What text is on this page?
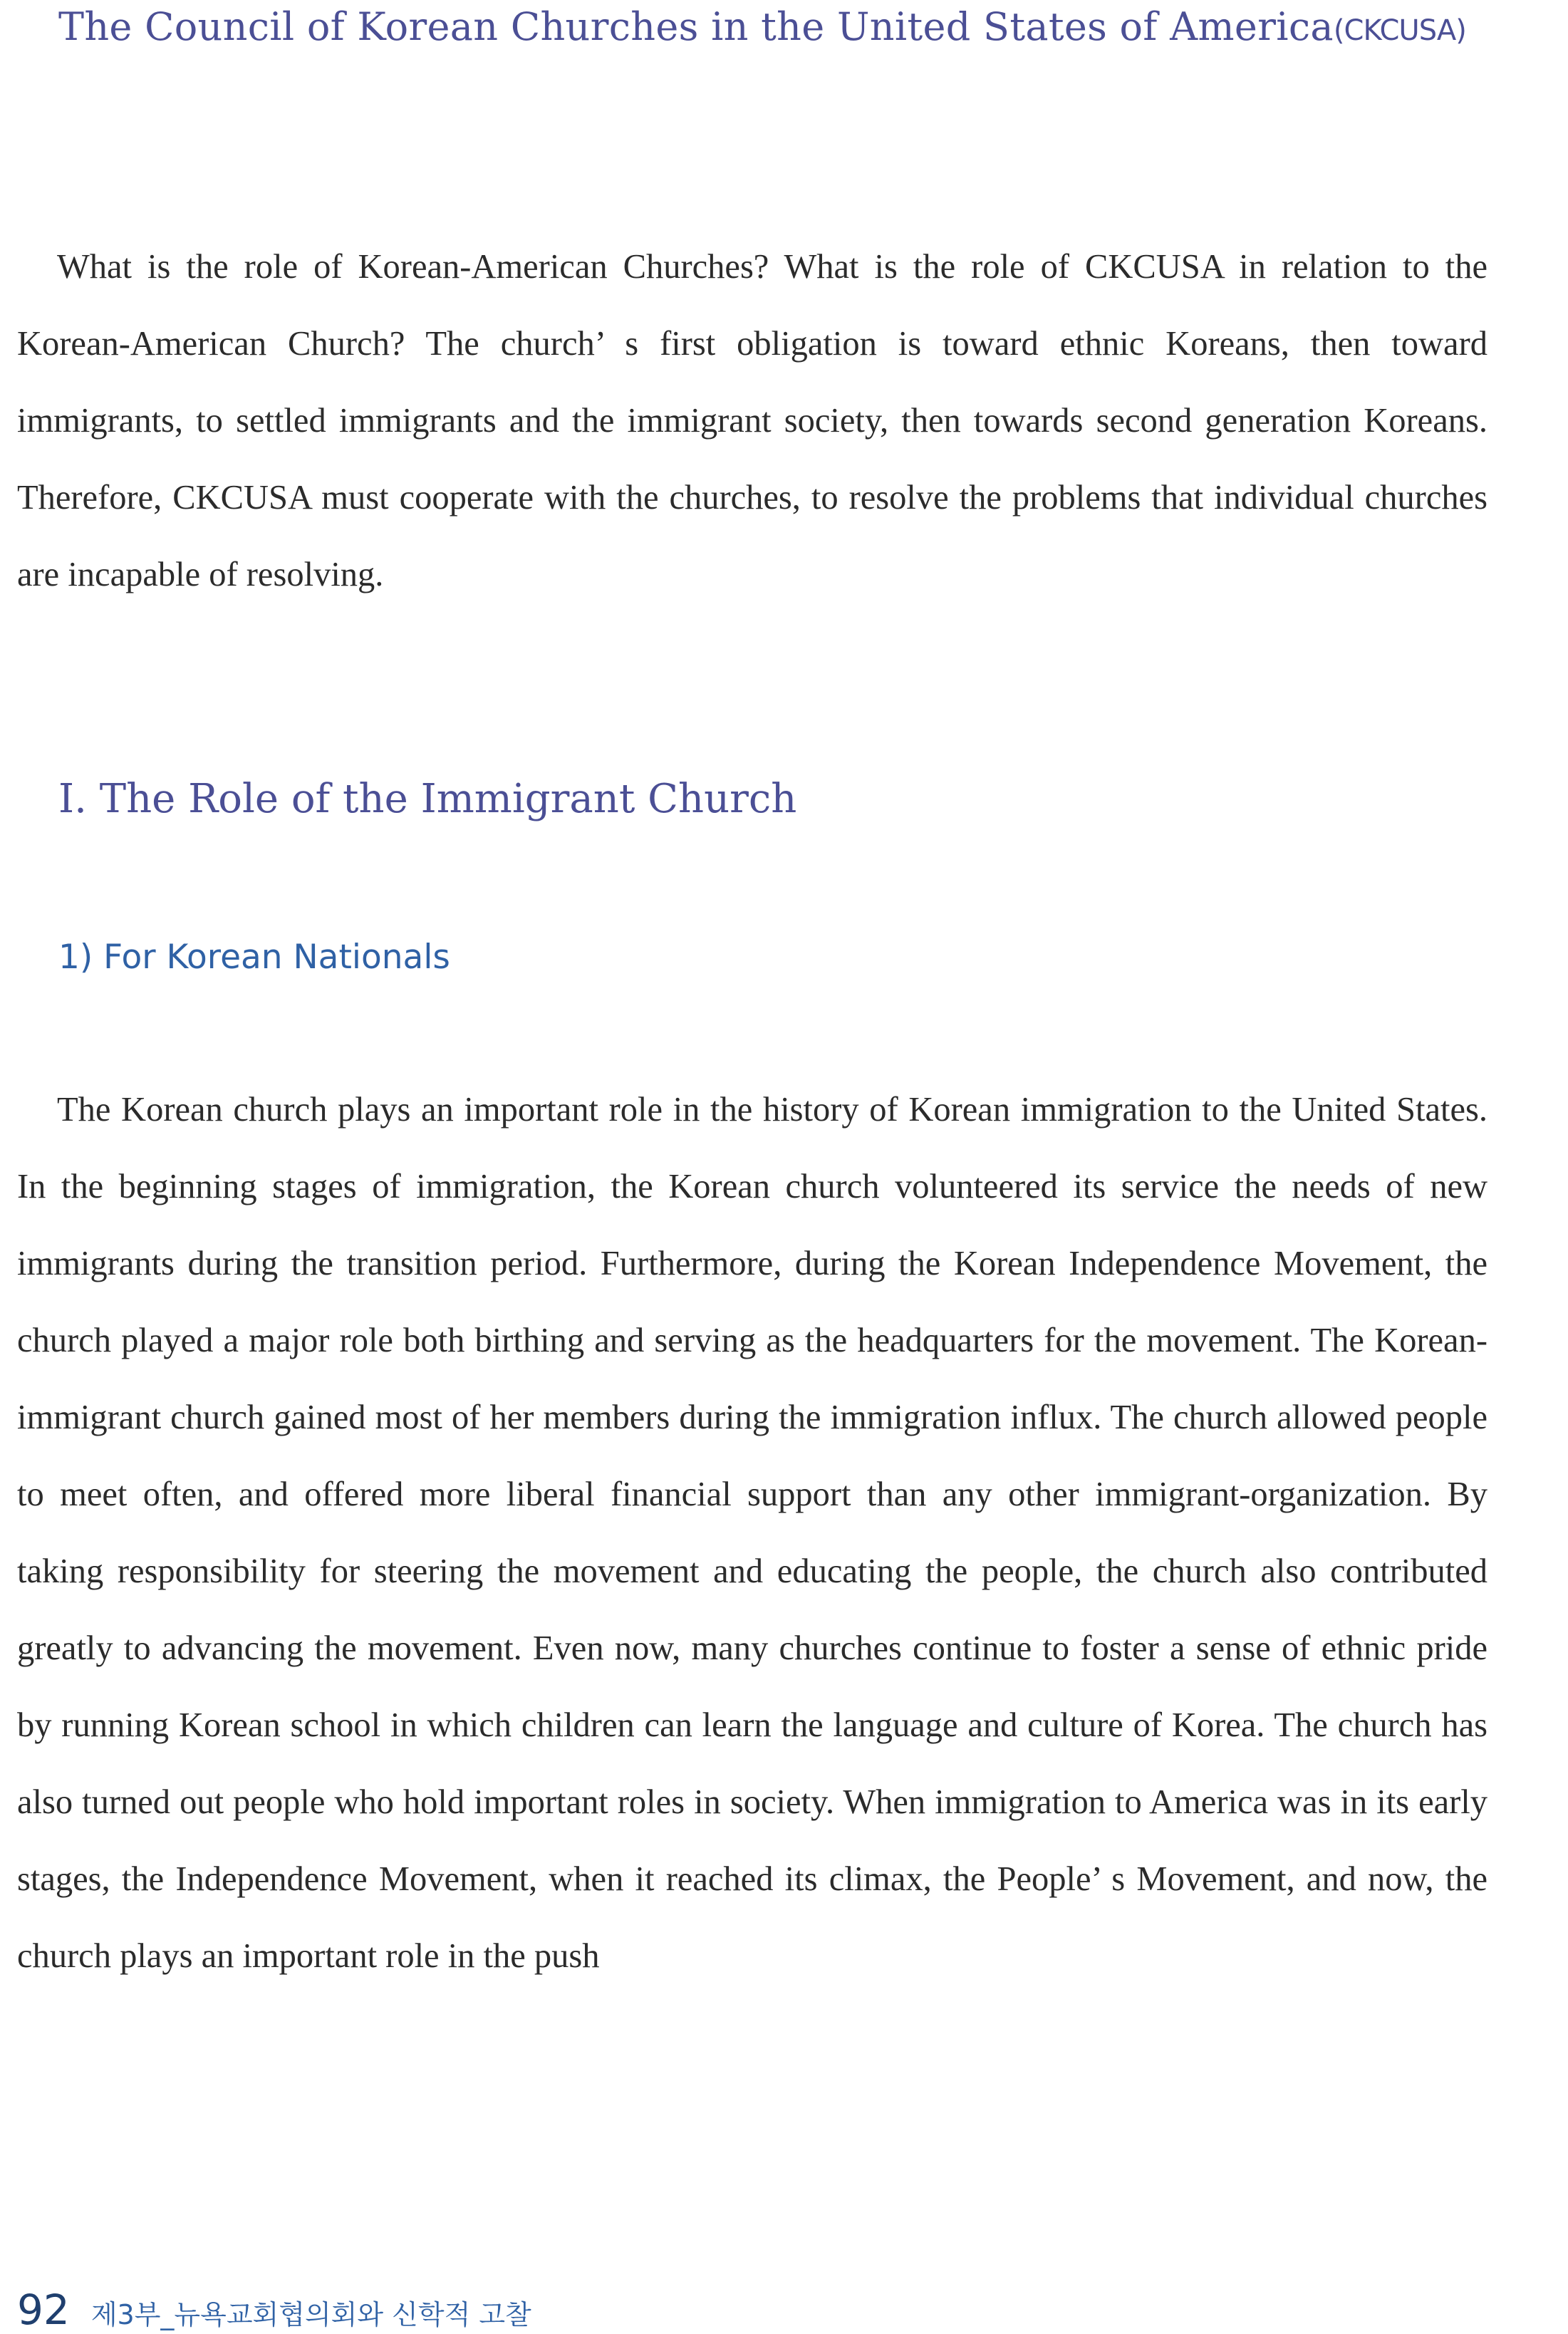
The Council of Korean Churches in the United States of America(CKCUSA)

What is the role of Korean-American Churches? What is the role of CKCUSA in relation to the Korean-American Church? The church’ s first obligation is toward ethnic Koreans, then toward immigrants, to settled immigrants and the immigrant society, then towards second generation Koreans. Therefore, CKCUSA must cooperate with the churches, to resolve the problems that individual churches are incapable of resolving.

I. The Role of the Immigrant Church
1) For Korean Nationals

The Korean church plays an important role in the history of Korean immigration to the United States. In the beginning stages of immigration, the Korean church volunteered its service the needs of new immigrants during the transition period. Furthermore, during the Korean Independence Movement, the church played a major role both birthing and serving as the headquarters for the movement. The Korean-immigrant church gained most of her members during the immigration influx. The church allowed people to meet often, and offered more liberal financial support than any other immigrant-organization. By taking responsibility for steering the movement and educating the people, the church also contributed greatly to advancing the movement. Even now, many churches continue to foster a sense of ethnic pride by running Korean school in which children can learn the language and culture of Korea. The church has also turned out people who hold important roles in society. When immigration to America was in its early stages, the Independence Movement, when it reached its climax, the People’ s Movement, and now, the church plays an important role in the push

92 제3부_뉴욕교회협의회와 신학적 고찰
